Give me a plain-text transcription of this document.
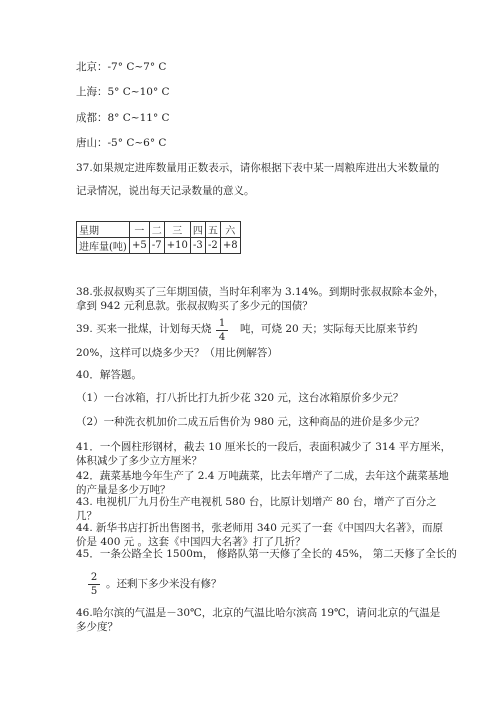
北京：-7° C~7° C
上海：5° C~10° C
成都：8° C~11° C
唐山：-5° C~6° C
37.如果规定进库数量用正数表示，请你根据下表中某一周粮库进出大米数量的
记录情况，说出每天记录数量的意义。
星期	一	二	三	四	五	六
进库量(吨)	+5	-7	+10	-3	-2	+8
38.张叔叔购买了三年期国债，当时年利率为 3.14%。到期时张叔叔除本金外，
拿到 942 元利息款。张叔叔购买了多少元的国债？
39. 买来一批煤，计划每天烧 1
4
吨，可烧 20 天；实际每天比原来节约
20%，这样可以烧多少天？（用比例解答）
40．解答题。
（1）一台冰箱，打八折比打九折少花 320 元，这台冰箱原价多少元？
（2）一种洗衣机加价二成五后售价为 980 元，这种商品的进价是多少元？
41．一个圆柱形钢材，截去 10 厘米长的一段后，表面积减少了 314 平方厘米，
体积减少了多少立方厘米？
42．蔬菜基地今年生产了 2.4 万吨蔬菜，比去年增产了二成，去年这个蔬菜基地
的产量是多少万吨？
43. 电视机厂九月份生产电视机 580 台，比原计划增产 80 台，增产了百分之
几？
44. 新华书店打折出售图书，张老师用 340 元买了一套《中国四大名著》，而原
价是 400 元 。这套《中国四大名著》打了几折？
45．一条公路全长 1500m， 修路队第一天修了全长的 45%， 第二天修了全长的
2
5
。还剩下多少米没有修？
46.哈尔滨的气温是－30℃，北京的气温比哈尔滨高 19℃，请问北京的气温是
多少度？
